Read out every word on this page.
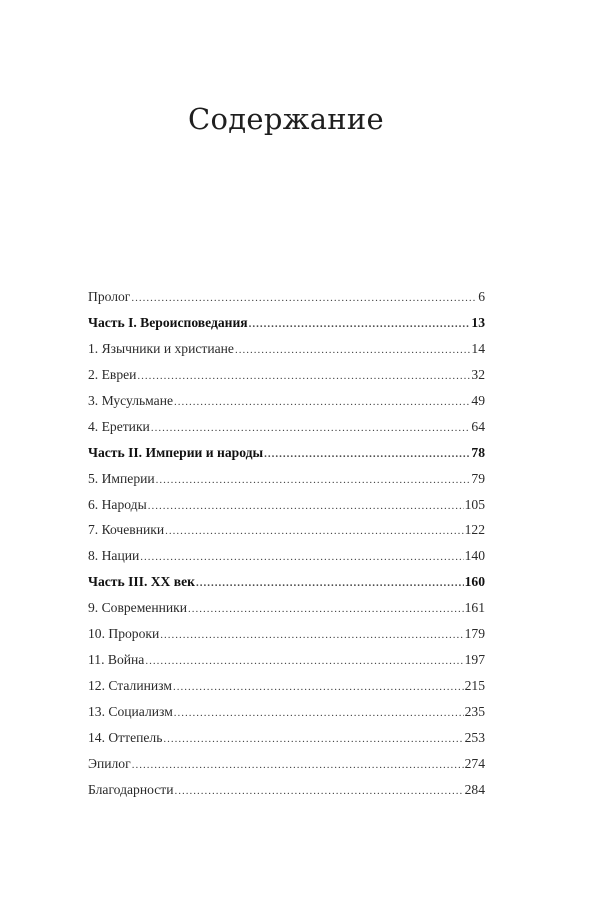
Содержание
Пролог .....	6
Часть I. Вероисповедания .....	13
1. Язычники и христиане .....	14
2. Евреи .....	32
3. Мусульмане .....	49
4. Еретики .....	64
Часть II. Империи и народы .....	78
5. Империи .....	79
6. Народы .....	105
7. Кочевники .....	122
8. Нации .....	140
Часть III. XX век .....	160
9. Современники .....	161
10. Пророки .....	179
11. Война .....	197
12. Сталинизм .....	215
13. Социализм .....	235
14. Оттепель .....	253
Эпилог .....	274
Благодарности .....	284
